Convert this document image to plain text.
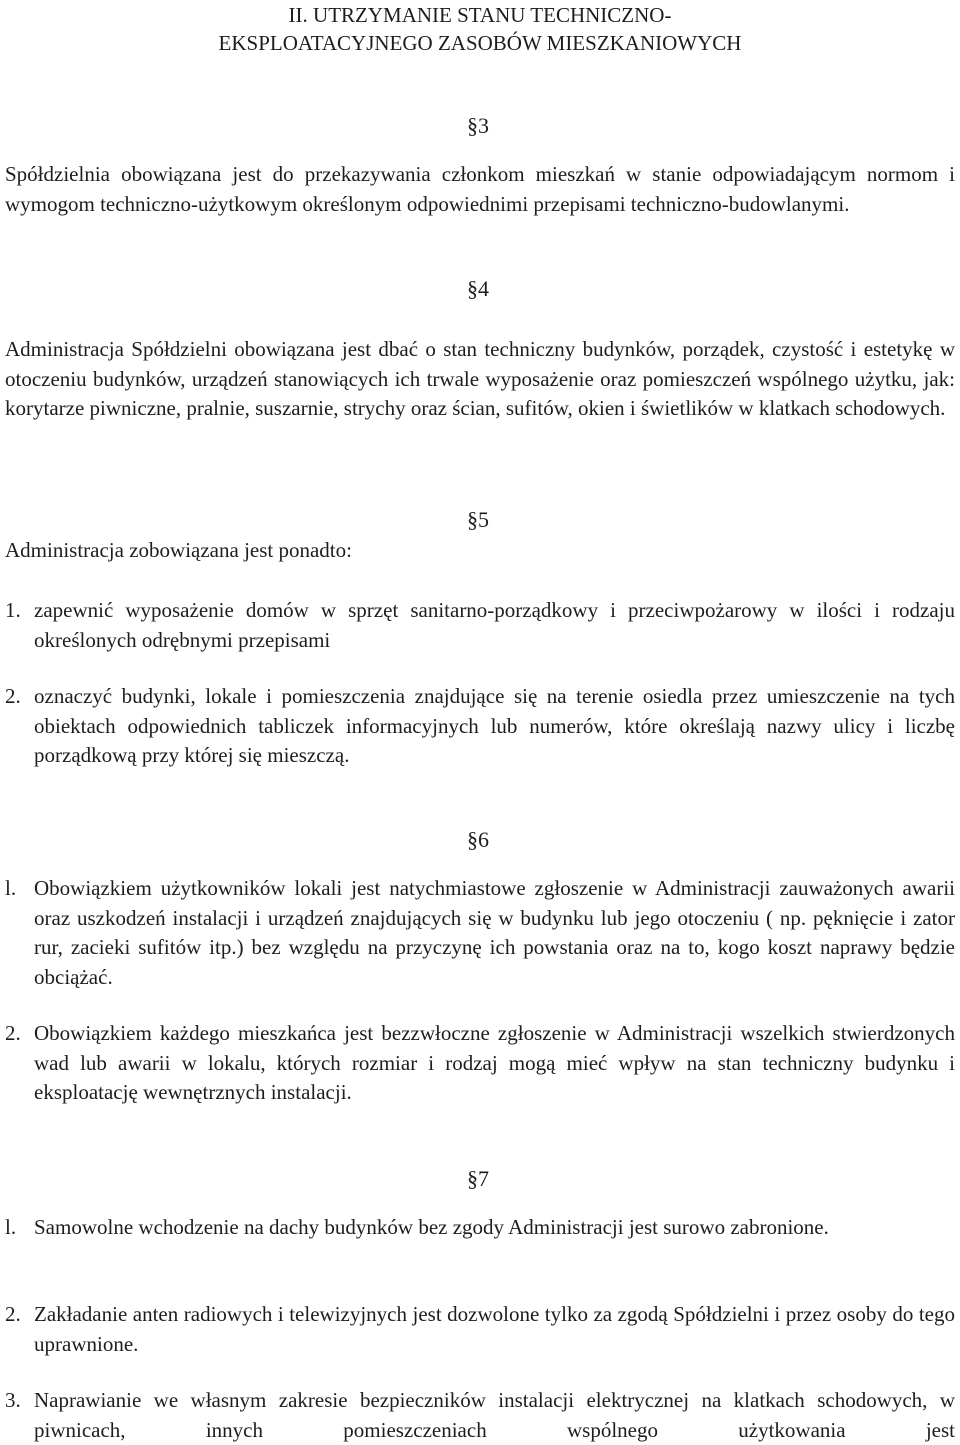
II. UTRZYMANIE STANU TECHNICZNO-
EKSPLOATACYJNEGO ZASOBÓW MIESZKANIOWYCH
§3
Spółdzielnia obowiązana jest do przekazywania członkom mieszkań w stanie odpowiadającym normom i wymogom techniczno-użytkowym określonym odpowiednimi przepisami techniczno-budowlanymi.
§4
Administracja Spółdzielni obowiązana jest dbać o stan techniczny budynków, porządek, czystość i estetykę w otoczeniu budynków, urządzeń stanowiących ich trwale wyposażenie oraz pomieszczeń wspólnego użytku, jak: korytarze piwniczne, pralnie, suszarnie, strychy oraz ścian, sufitów, okien i świetlików w klatkach schodowych.
§5
Administracja zobowiązana jest ponadto:
1. zapewnić wyposażenie domów w sprzęt sanitarno-porządkowy i przeciwpożarowy w ilości i rodzaju określonych odrębnymi przepisami
2. oznaczyć budynki, lokale i pomieszczenia znajdujące się na terenie osiedla przez umieszczenie na tych obiektach odpowiednich tabliczek informacyjnych lub numerów, które określają nazwy ulicy i liczbę porządkową przy której się mieszczą.
§6
l. Obowiązkiem użytkowników lokali jest natychmiastowe zgłoszenie w Administracji zauważonych awarii oraz uszkodzeń instalacji i urządzeń znajdujących się w budynku lub jego otoczeniu ( np. pęknięcie i zator rur, zacieki sufitów itp.) bez względu na przyczynę ich powstania oraz na to, kogo koszt naprawy będzie obciążać.
2. Obowiązkiem każdego mieszkańca jest bezzwłoczne zgłoszenie w Administracji wszelkich stwierdzonych wad lub awarii w lokalu, których rozmiar i rodzaj mogą mieć wpływ na stan techniczny budynku i eksploatację wewnętrznych instalacji.
§7
l. Samowolne wchodzenie na dachy budynków bez zgody Administracji jest surowo zabronione.
2. Zakładanie anten radiowych i telewizyjnych jest dozwolone tylko za zgodą Spółdzielni i przez osoby do tego uprawnione.
3. Naprawianie we własnym zakresie bezpieczników instalacji elektrycznej na klatkach schodowych, w piwnicach, innych pomieszczeniach wspólnego użytkowania jest
